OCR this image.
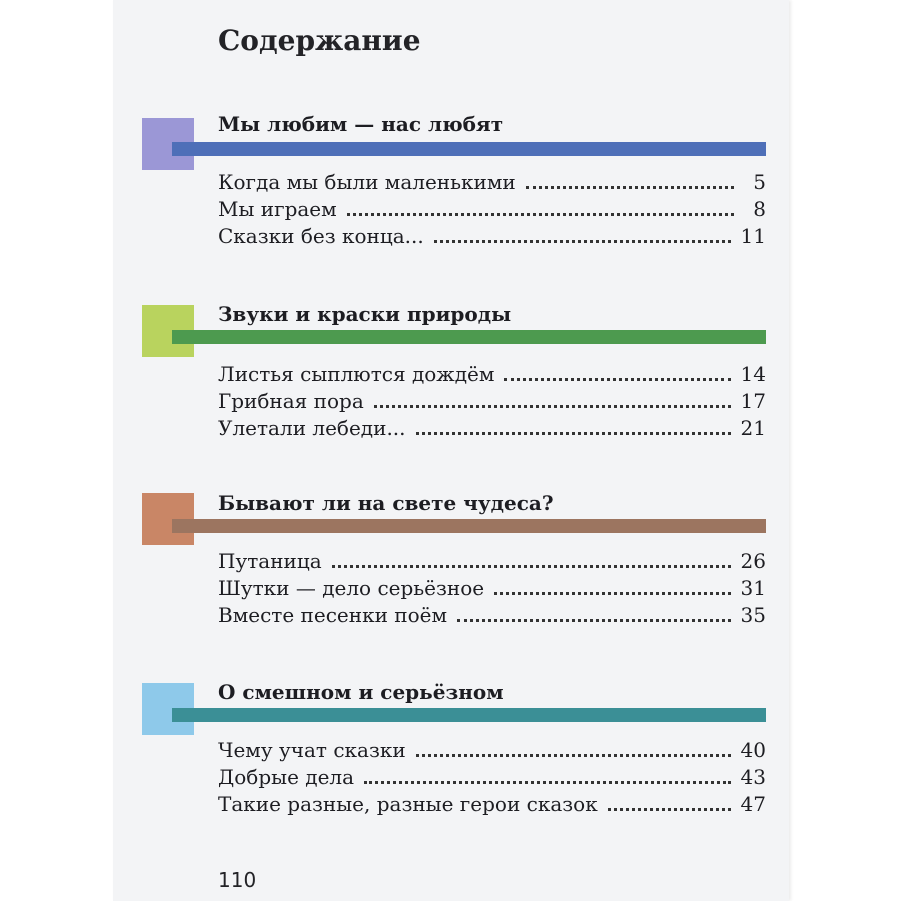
Содержание
Мы любим — нас любят
Когда мы были маленькими	5
Мы играем	8
Сказки без конца...	11
Звуки и краски природы
Листья сыплются дождём	14
Грибная пора	17
Улетали лебеди...	21
Бывают ли на свете чудеса?
Путаница	26
Шутки — дело серьёзное	31
Вместе песенки поём	35
О смешном и серьёзном
Чему учат сказки	40
Добрые дела	43
Такие разные, разные герои сказок	47
110
